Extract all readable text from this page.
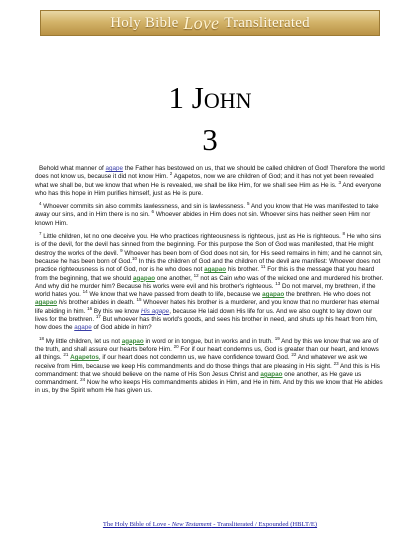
Holy Bible Love Transliterated
1 John
3

Behold what manner of agape the Father has bestowed on us, that we should be called children of God! Therefore the world does not know us, because it did not know Him. $^2$ Agapetos, now we are children of God; and it has not yet been revealed what we shall be, but we know that when He is revealed, we shall be like Him, for we shall see Him as He is. $^3$ And everyone who has this hope in Him purifies himself, just as He is pure.

$^4$ Whoever commits sin also commits lawlessness, and sin is lawlessness. $^5$ And you know that He was manifested to take away our sins, and in Him there is no sin. $^6$ Whoever abides in Him does not sin. Whoever sins has neither seen Him nor known Him.

$^7$ Little children, let no one deceive you. He who practices righteousness is righteous, just as He is righteous. $^8$ He who sins is of the devil, for the devil has sinned from the beginning. For this purpose the Son of God was manifested, that He might destroy the works of the devil. $^9$ Whoever has been born of God does not sin, for His seed remains in him; and he cannot sin, because he has been born of God.$^{10}$ In this the children of God and the children of the devil are manifest: Whoever does not practice righteousness is not of God, nor is he who does not agapao his brother. $^{11}$ For this is the message that you heard from the beginning, that we should agapao one another, $^{12}$ not as Cain who was of the wicked one and murdered his brother. And why did he murder him? Because his works were evil and his brother's righteous. $^{13}$ Do not marvel, my brethren, if the world hates you. $^{14}$ We know that we have passed from death to life, because we agapao the brethren. He who does not agapao his brother abides in death. $^{15}$ Whoever hates his brother is a murderer, and you know that no murderer has eternal life abiding in him. $^{16}$ By this we know His agape, because He laid down His life for us. And we also ought to lay down our lives for the brethren. $^{17}$ But whoever has this world's goods, and sees his brother in need, and shuts up his heart from him, how does the agape of God abide in him?

$^{18}$ My little children, let us not agapao in word or in tongue, but in works and in truth. $^{19}$ And by this we know that we are of the truth, and shall assure our hearts before Him. $^{20}$ For if our heart condemns us, God is greater than our heart, and knows all things. $^{21}$ Agapetos, if our heart does not condemn us, we have confidence toward God. $^{22}$ And whatever we ask we receive from Him, because we keep His commandments and do those things that are pleasing in His sight. $^{23}$ And this is His commandment: that we should believe on the name of His Son Jesus Christ and agapao one another, as He gave us commandment. $^{24}$ Now he who keeps His commandments abides in Him, and He in him. And by this we know that He abides in us, by the Spirit whom He has given us.

The Holy Bible of Love - New Testament - Transliterated / Expounded (HBLT/E)
